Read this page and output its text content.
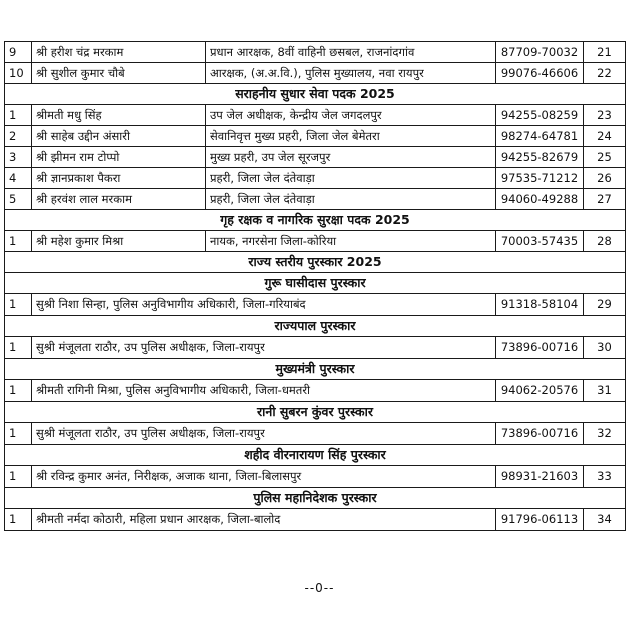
9	श्री हरीश चंद्र मरकाम	प्रधान आरक्षक, 8वीं वाहिनी छसबल, राजनांदगांव	87709-70032	21
10	श्री सुशील कुमार चौबे	आरक्षक, (अ.अ.वि.), पुलिस मुख्यालय, नवा रायपुर	99076-46606	22
सराहनीय सुधार सेवा पदक 2025				
1	श्रीमती मधु सिंह	उप जेल अधीक्षक, केन्द्रीय जेल जगदलपुर	94255-08259	23
2	श्री साहेब उद्दीन अंसारी	सेवानिवृत्त मुख्य प्रहरी, जिला जेल बेमेतरा	98274-64781	24
3	श्री झीमन राम टोप्पो	मुख्य प्रहरी, उप जेल सूरजपुर	94255-82679	25
4	श्री ज्ञानप्रकाश पैकरा	प्रहरी, जिला जेल दंतेवाड़ा	97535-71212	26
5	श्री हरवंश लाल मरकाम	प्रहरी, जिला जेल दंतेवाड़ा	94060-49288	27
गृह रक्षक व नागरिक सुरक्षा पदक 2025				
1	श्री महेश कुमार मिश्रा	नायक, नगरसेना जिला-कोरिया	70003-57435	28
राज्य स्तरीय पुरस्कार 2025				
गुरू घासीदास पुरस्कार				
1	सुश्री निशा सिन्हा, पुलिस अनुविभागीय अधिकारी, जिला-गरियाबंद		91318-58104	29
राज्यपाल पुरस्कार				
1	सुश्री मंजूलता राठौर, उप पुलिस अधीक्षक, जिला-रायपुर		73896-00716	30
मुख्यमंत्री पुरस्कार				
1	श्रीमती रागिनी मिश्रा, पुलिस अनुविभागीय अधिकारी, जिला-धमतरी		94062-20576	31
रानी सुबरन कुंवर पुरस्कार				
1	सुश्री मंजूलता राठौर, उप पुलिस अधीक्षक, जिला-रायपुर		73896-00716	32
शहीद वीरनारायण सिंह पुरस्कार				
1	श्री रविन्द्र कुमार अनंत, निरीक्षक, अजाक थाना, जिला-बिलासपुर		98931-21603	33
पुलिस महानिदेशक पुरस्कार				
1	श्रीमती नर्मदा कोठारी, महिला प्रधान आरक्षक, जिला-बालोद		91796-06113	34
--0--
